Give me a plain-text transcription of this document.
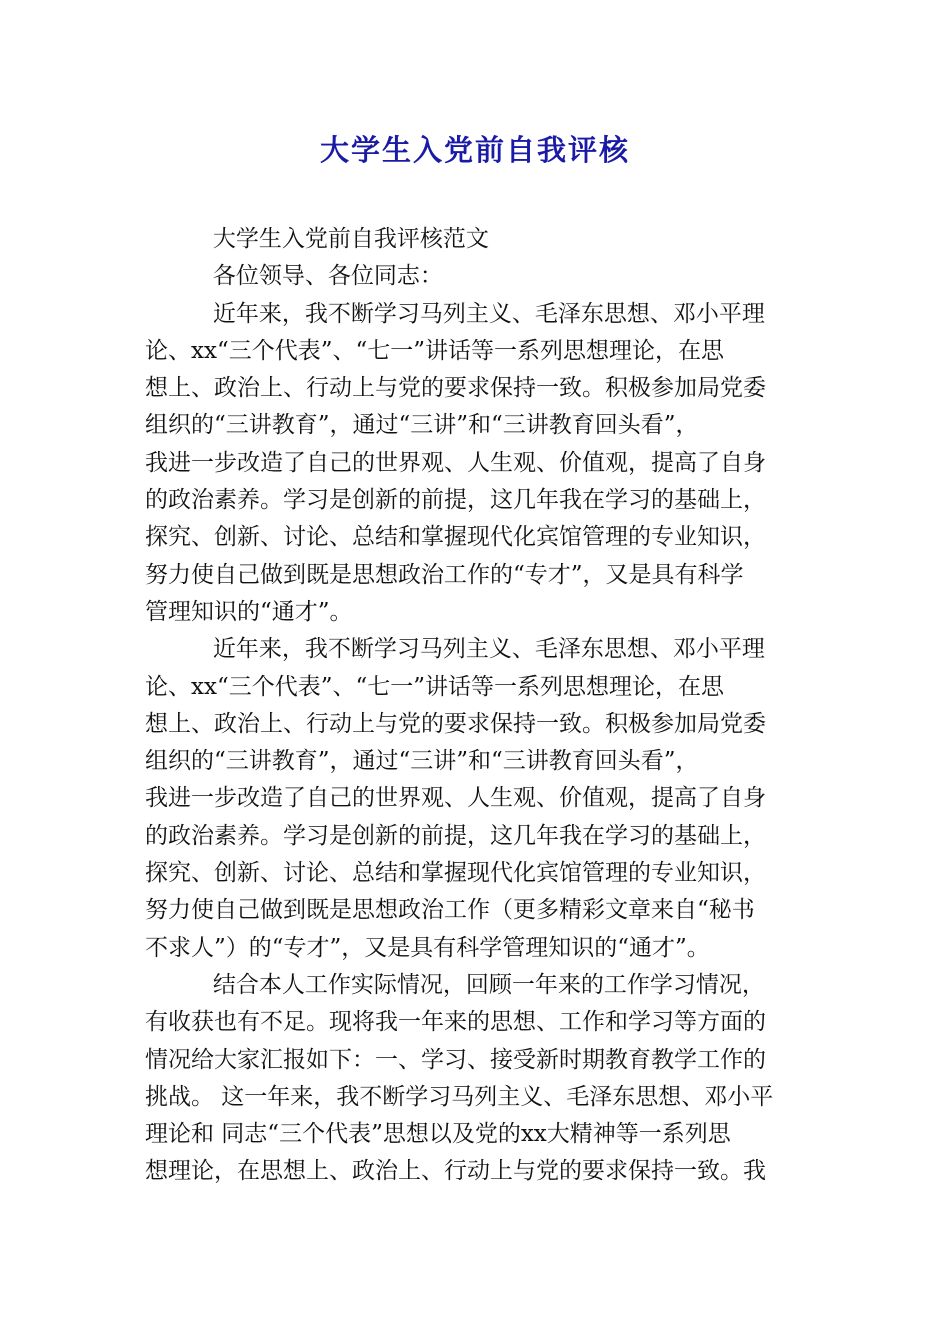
大学生入党前自我评核
大学生入党前自我评核范文
各位领导、各位同志：
近年来，我不断学习马列主义、毛泽东思想、邓小平理
论、xx“三个代表”、“七一”讲话等一系列思想理论，在思
想上、政治上、行动上与党的要求保持一致。积极参加局党委
组织的“三讲教育”，通过“三讲”和“三讲教育回头看”，
我进一步改造了自己的世界观、人生观、价值观，提高了自身
的政治素养。学习是创新的前提，这几年我在学习的基础上，
探究、创新、讨论、总结和掌握现代化宾馆管理的专业知识，
努力使自己做到既是思想政治工作的“专才”，又是具有科学
管理知识的“通才”。
近年来，我不断学习马列主义、毛泽东思想、邓小平理
论、xx“三个代表”、“七一”讲话等一系列思想理论，在思
想上、政治上、行动上与党的要求保持一致。积极参加局党委
组织的“三讲教育”，通过“三讲”和“三讲教育回头看”，
我进一步改造了自己的世界观、人生观、价值观，提高了自身
的政治素养。学习是创新的前提，这几年我在学习的基础上，
探究、创新、讨论、总结和掌握现代化宾馆管理的专业知识，
努力使自己做到既是思想政治工作（更多精彩文章来自“秘书
不求人”）的“专才”，又是具有科学管理知识的“通才”。
结合本人工作实际情况，回顾一年来的工作学习情况，
有收获也有不足。现将我一年来的思想、工作和学习等方面的
情况给大家汇报如下：一、学习、接受新时期教育教学工作的
挑战。 这一年来，我不断学习马列主义、毛泽东思想、邓小平
理论和 同志“三个代表”思想以及党的xx大精神等一系列思
想理论，在思想上、政治上、行动上与党的要求保持一致。我
